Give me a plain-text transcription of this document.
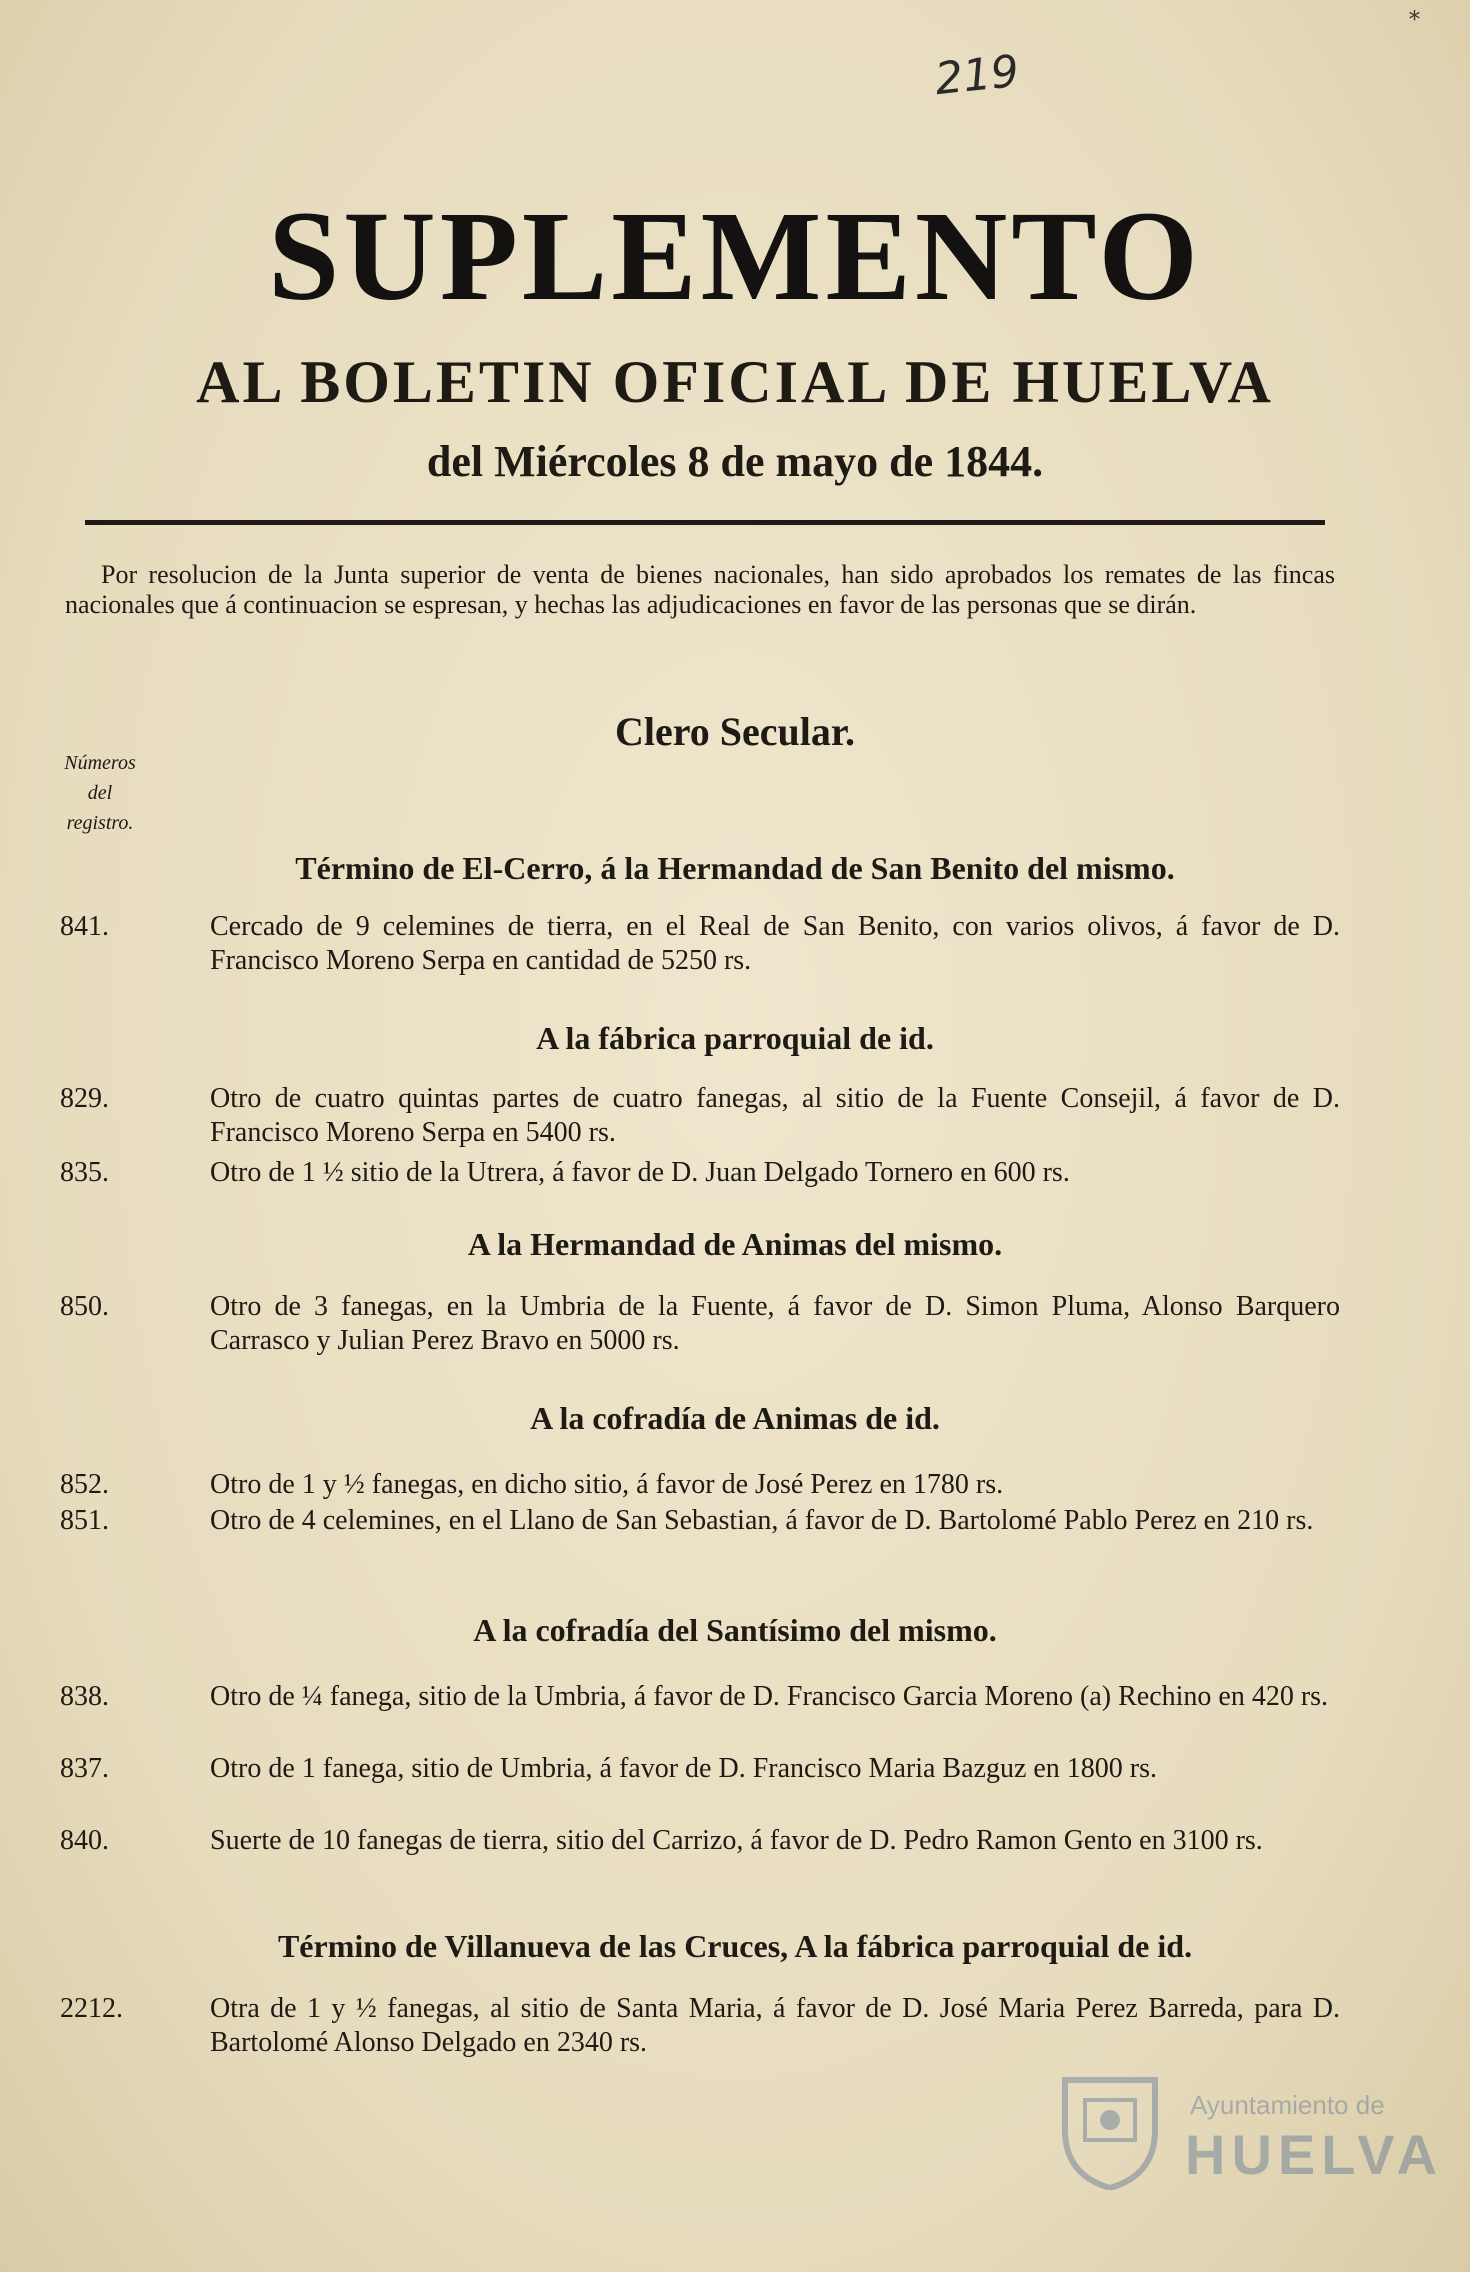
*
219
SUPLEMENTO
AL BOLETIN OFICIAL DE HUELVA
del Miércoles 8 de mayo de 1844.
Por resolucion de la Junta superior de venta de bienes nacionales, han sido aprobados los remates de las fincas nacionales que á continuacion se espresan, y hechas las adjudicaciones en favor de las personas que se dirán.
Clero Secular.
Números
del
registro.
Término de El-Cerro, á la Hermandad de San Benito del mismo.
841.	Cercado de 9 celemines de tierra, en el Real de San Benito, con varios olivos, á favor de D. Francisco Moreno Serpa en cantidad de 5250 rs.
A la fábrica parroquial de id.
829.	Otro de cuatro quintas partes de cuatro fanegas, al sitio de la Fuente Consejil, á favor de D. Francisco Moreno Serpa en 5400 rs.
835.	Otro de 1 ½ sitio de la Utrera, á favor de D. Juan Delgado Tornero en 600 rs.
A la Hermandad de Animas del mismo.
850.	Otro de 3 fanegas, en la Umbria de la Fuente, á favor de D. Simon Pluma, Alonso Barquero Carrasco y Julian Perez Bravo en 5000 rs.
A la cofradía de Animas de id.
852.	Otro de 1 y ½ fanegas, en dicho sitio, á favor de José Perez en 1780 rs.
851.	Otro de 4 celemines, en el Llano de San Sebastian, á favor de D. Bartolomé Pablo Perez en 210 rs.
A la cofradía del Santísimo del mismo.
838.	Otro de ¼ fanega, sitio de la Umbria, á favor de D. Francisco Garcia Moreno (a) Rechino en 420 rs.
837.	Otro de 1 fanega, sitio de Umbria, á favor de D. Francisco Maria Bazguz en 1800 rs.
840.	Suerte de 10 fanegas de tierra, sitio del Carrizo, á favor de D. Pedro Ramon Gento en 3100 rs.
Término de Villanueva de las Cruces, A la fábrica parroquial de id.
2212.	Otra de 1 y ½ fanegas, al sitio de Santa Maria, á favor de D. José Maria Perez Barreda, para D. Bartolomé Alonso Delgado en 2340 rs.
Ayuntamiento de
HUELVA
